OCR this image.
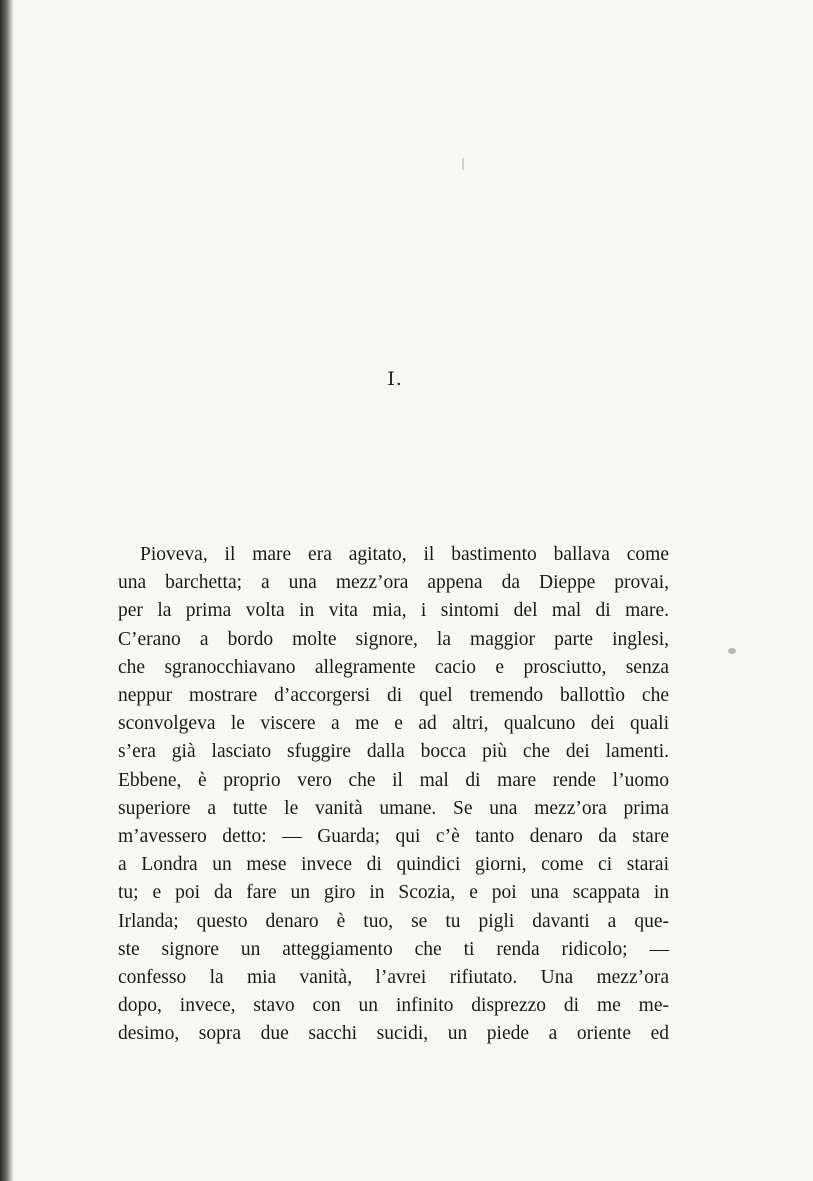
I.
Pioveva, il mare era agitato, il bastimento ballava come
una barchetta; a una mezz’ora appena da Dieppe provai,
per la prima volta in vita mia, i sintomi del mal di mare.
C’erano a bordo molte signore, la maggior parte inglesi,
che sgranocchiavano allegramente cacio e prosciutto, senza
neppur mostrare d’accorgersi di quel tremendo ballottìo che
sconvolgeva le viscere a me e ad altri, qualcuno dei quali
s’era già lasciato sfuggire dalla bocca più che dei lamenti.
Ebbene, è proprio vero che il mal di mare rende l’uomo
superiore a tutte le vanità umane. Se una mezz’ora prima
m’avessero detto: — Guarda; qui c’è tanto denaro da stare
a Londra un mese invece di quindici giorni, come ci starai
tu; e poi da fare un giro in Scozia, e poi una scappata in
Irlanda; questo denaro è tuo, se tu pigli davanti a que-
ste signore un atteggiamento che ti renda ridicolo; —
confesso la mia vanità, l’avrei rifiutato. Una mezz’ora
dopo, invece, stavo con un infinito disprezzo di me me-
desimo, sopra due sacchi sucidi, un piede a oriente ed
